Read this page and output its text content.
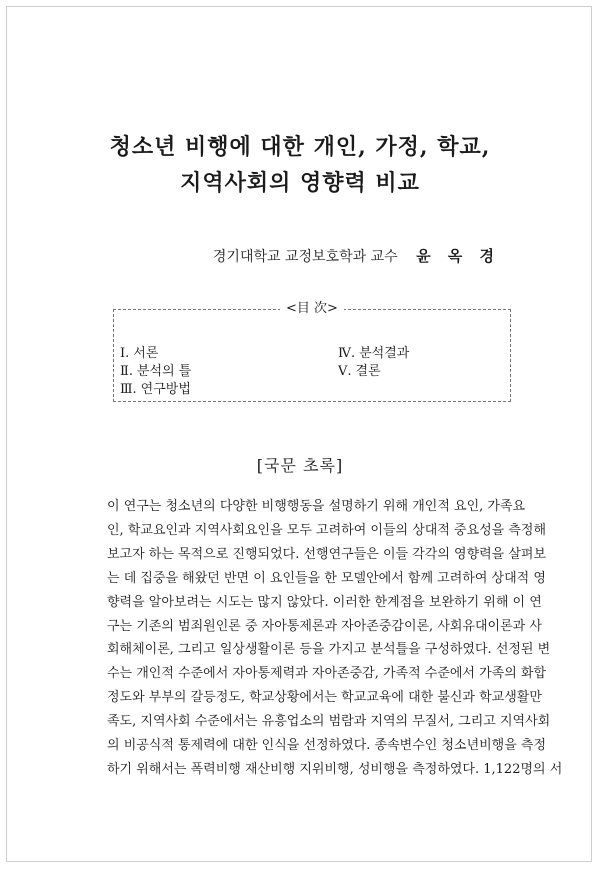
청소년 비행에 대한 개인, 가정, 학교,
지역사회의 영향력 비교
경기대학교 교정보호학과 교수 윤 옥 경
<目 次>
Ⅰ. 서론
Ⅱ. 분석의 틀
Ⅲ. 연구방법
Ⅳ. 분석결과
Ⅴ. 결론
[국문 초록]
이 연구는 청소년의 다양한 비행행동을 설명하기 위해 개인적 요인, 가족요
인, 학교요인과 지역사회요인을 모두 고려하여 이들의 상대적 중요성을 측정해
보고자 하는 목적으로 진행되었다. 선행연구들은 이들 각각의 영향력을 살펴보
는 데 집중을 해왔던 반면 이 요인들을 한 모델안에서 함께 고려하여 상대적 영
향력을 알아보려는 시도는 많지 않았다. 이러한 한계점을 보완하기 위해 이 연
구는 기존의 범죄원인론 중 자아통제론과 자아존중감이론, 사회유대이론과 사
회해체이론, 그리고 일상생활이론 등을 가지고 분석틀을 구성하였다. 선정된 변
수는 개인적 수준에서 자아통제력과 자아존중감, 가족적 수준에서 가족의 화합
정도와 부부의 갈등정도, 학교상황에서는 학교교육에 대한 불신과 학교생활만
족도, 지역사회 수준에서는 유흥업소의 범람과 지역의 무질서, 그리고 지역사회
의 비공식적 통제력에 대한 인식을 선정하였다. 종속변수인 청소년비행을 측정
하기 위해서는 폭력비행 재산비행 지위비행, 성비행을 측정하였다. 1,122명의 서
